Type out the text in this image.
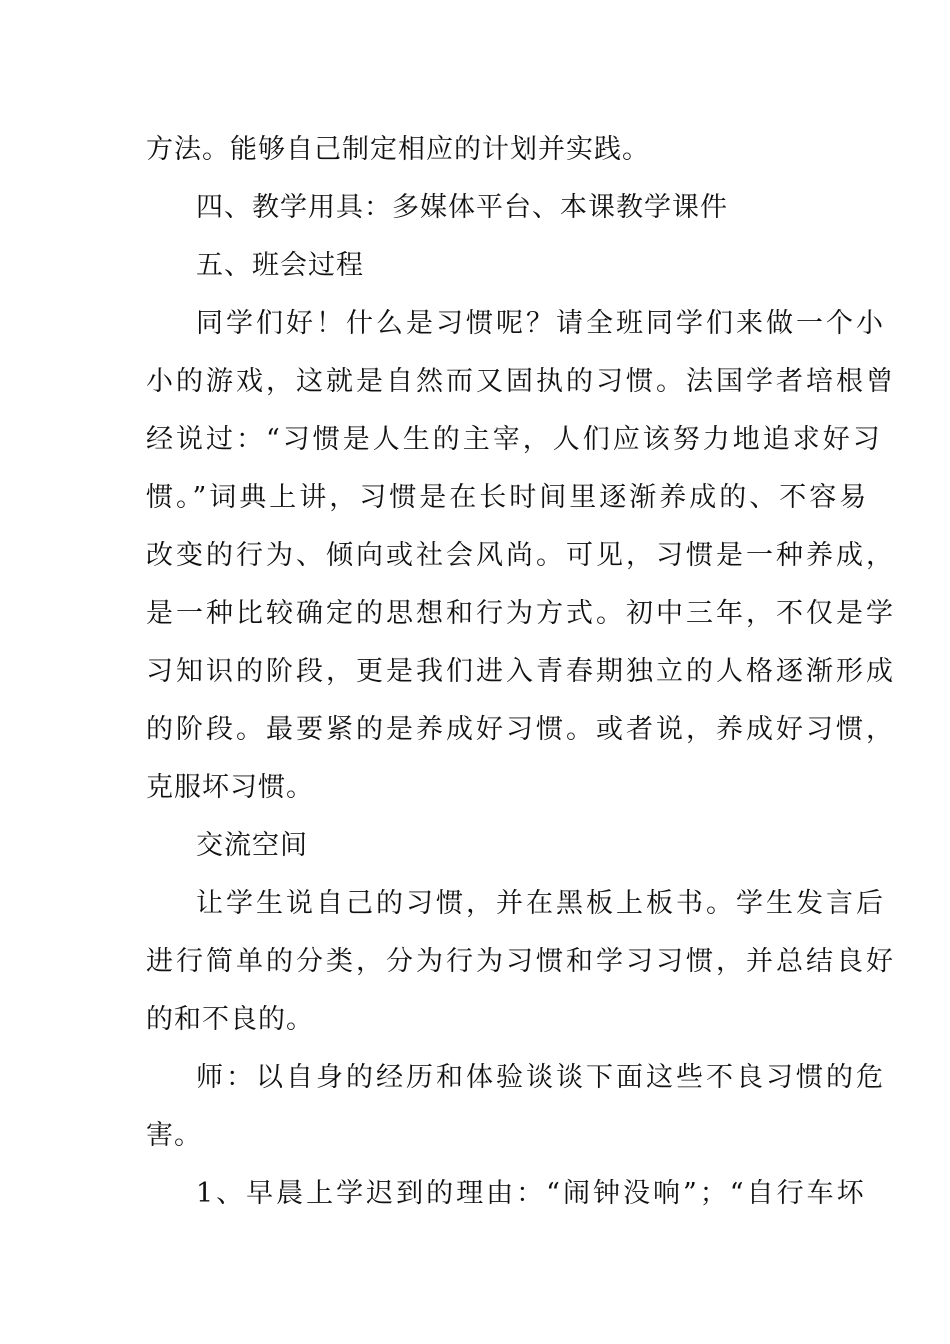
方法。能够自己制定相应的计划并实践。
四、教学用具：多媒体平台、本课教学课件
五、班会过程
同学们好！什么是习惯呢？请全班同学们来做一个小
小的游戏，这就是自然而又固执的习惯。法国学者培根曾
经说过：“习惯是人生的主宰，人们应该努力地追求好习
惯。”词典上讲，习惯是在长时间里逐渐养成的、不容易
改变的行为、倾向或社会风尚。可见，习惯是一种养成，
是一种比较确定的思想和行为方式。初中三年，不仅是学
习知识的阶段，更是我们进入青春期独立的人格逐渐形成
的阶段。最要紧的是养成好习惯。或者说，养成好习惯，
克服坏习惯。
交流空间
让学生说自己的习惯，并在黑板上板书。学生发言后
进行简单的分类，分为行为习惯和学习习惯，并总结良好
的和不良的。
师：以自身的经历和体验谈谈下面这些不良习惯的危
害。
1、早晨上学迟到的理由：“闹钟没响”；“自行车坏
